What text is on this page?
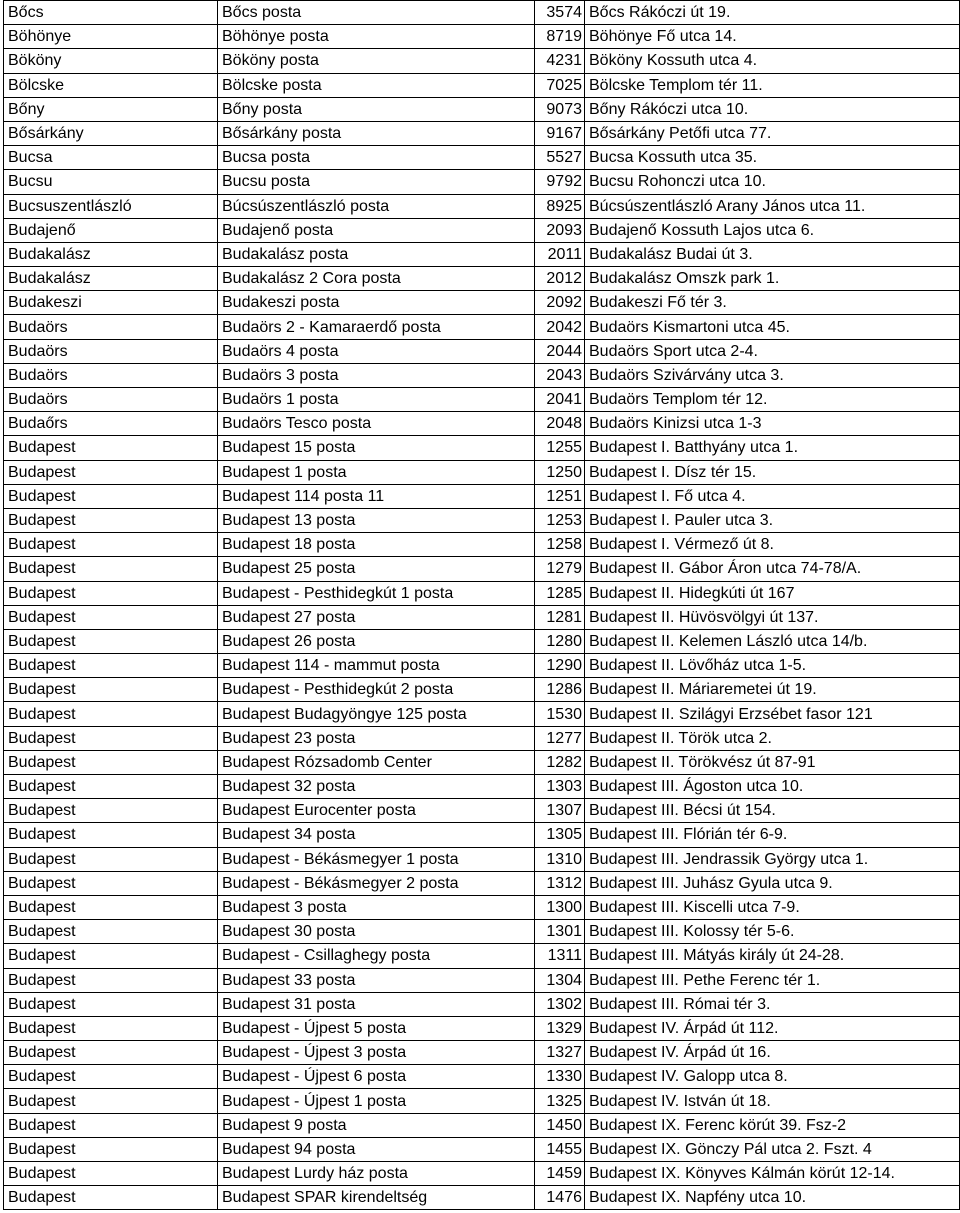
Bőcs	Bőcs posta	3574	Bőcs Rákóczi út 19.
Böhönye	Böhönye posta	8719	Böhönye Fő utca 14.
Bököny	Bököny posta	4231	Bököny Kossuth utca 4.
Bölcske	Bölcske posta	7025	Bölcske Templom tér 11.
Bőny	Bőny posta	9073	Bőny Rákóczi utca 10.
Bősárkány	Bősárkány posta	9167	Bősárkány Petőfi utca 77.
Bucsa	Bucsa posta	5527	Bucsa Kossuth utca 35.
Bucsu	Bucsu posta	9792	Bucsu Rohonczi utca 10.
Bucsuszentlászló	Búcsúszentlászló posta	8925	Búcsúszentlászló Arany János utca 11.
Budajenő	Budajenő posta	2093	Budajenő Kossuth Lajos utca 6.
Budakalász	Budakalász posta	2011	Budakalász Budai út 3.
Budakalász	Budakalász 2 Cora posta	2012	Budakalász Omszk park 1.
Budakeszi	Budakeszi posta	2092	Budakeszi Fő tér 3.
Budaörs	Budaörs 2 - Kamaraerdő posta	2042	Budaörs Kismartoni utca 45.
Budaörs	Budaörs 4 posta	2044	Budaörs Sport utca 2-4.
Budaörs	Budaörs 3 posta	2043	Budaörs Szivárvány utca 3.
Budaörs	Budaörs 1 posta	2041	Budaörs Templom tér 12.
Budaőrs	Budaörs Tesco posta	2048	Budaörs Kinizsi utca 1-3
Budapest	Budapest 15 posta	1255	Budapest I. Batthyány utca 1.
Budapest	Budapest 1 posta	1250	Budapest I. Dísz tér 15.
Budapest	Budapest 114 posta 11	1251	Budapest I. Fő utca 4.
Budapest	Budapest 13 posta	1253	Budapest I. Pauler utca 3.
Budapest	Budapest 18 posta	1258	Budapest I. Vérmező út 8.
Budapest	Budapest 25 posta	1279	Budapest II. Gábor Áron utca 74-78/A.
Budapest	Budapest - Pesthidegkút 1 posta	1285	Budapest II. Hidegkúti út 167
Budapest	Budapest 27 posta	1281	Budapest II. Hüvösvölgyi út 137.
Budapest	Budapest 26 posta	1280	Budapest II. Kelemen László utca 14/b.
Budapest	Budapest 114 - mammut posta	1290	Budapest II. Lövőház utca 1-5.
Budapest	Budapest - Pesthidegkút 2 posta	1286	Budapest II. Máriaremetei út 19.
Budapest	Budapest Budagyöngye 125 posta	1530	Budapest II. Szilágyi Erzsébet fasor 121
Budapest	Budapest 23 posta	1277	Budapest II. Török utca 2.
Budapest	Budapest Rózsadomb Center	1282	Budapest II. Törökvész út 87-91
Budapest	Budapest 32 posta	1303	Budapest III. Ágoston utca 10.
Budapest	Budapest Eurocenter posta	1307	Budapest III. Bécsi út 154.
Budapest	Budapest 34 posta	1305	Budapest III. Flórián tér 6-9.
Budapest	Budapest - Békásmegyer 1 posta	1310	Budapest III. Jendrassik György utca 1.
Budapest	Budapest - Békásmegyer 2 posta	1312	Budapest III. Juhász Gyula utca 9.
Budapest	Budapest 3 posta	1300	Budapest III. Kiscelli utca 7-9.
Budapest	Budapest 30 posta	1301	Budapest III. Kolossy tér 5-6.
Budapest	Budapest - Csillaghegy posta	1311	Budapest III. Mátyás király út 24-28.
Budapest	Budapest 33 posta	1304	Budapest III. Pethe Ferenc tér 1.
Budapest	Budapest 31 posta	1302	Budapest III. Római tér 3.
Budapest	Budapest - Újpest 5 posta	1329	Budapest IV. Árpád út 112.
Budapest	Budapest - Újpest 3 posta	1327	Budapest IV. Árpád út 16.
Budapest	Budapest - Újpest 6 posta	1330	Budapest IV. Galopp utca 8.
Budapest	Budapest - Újpest 1 posta	1325	Budapest IV. István út 18.
Budapest	Budapest 9 posta	1450	Budapest IX. Ferenc körút 39. Fsz-2
Budapest	Budapest 94 posta	1455	Budapest IX. Gönczy Pál utca 2. Fszt. 4
Budapest	Budapest Lurdy ház posta	1459	Budapest IX. Könyves Kálmán körút 12-14.
Budapest	Budapest SPAR kirendeltség	1476	Budapest IX. Napfény utca 10.
